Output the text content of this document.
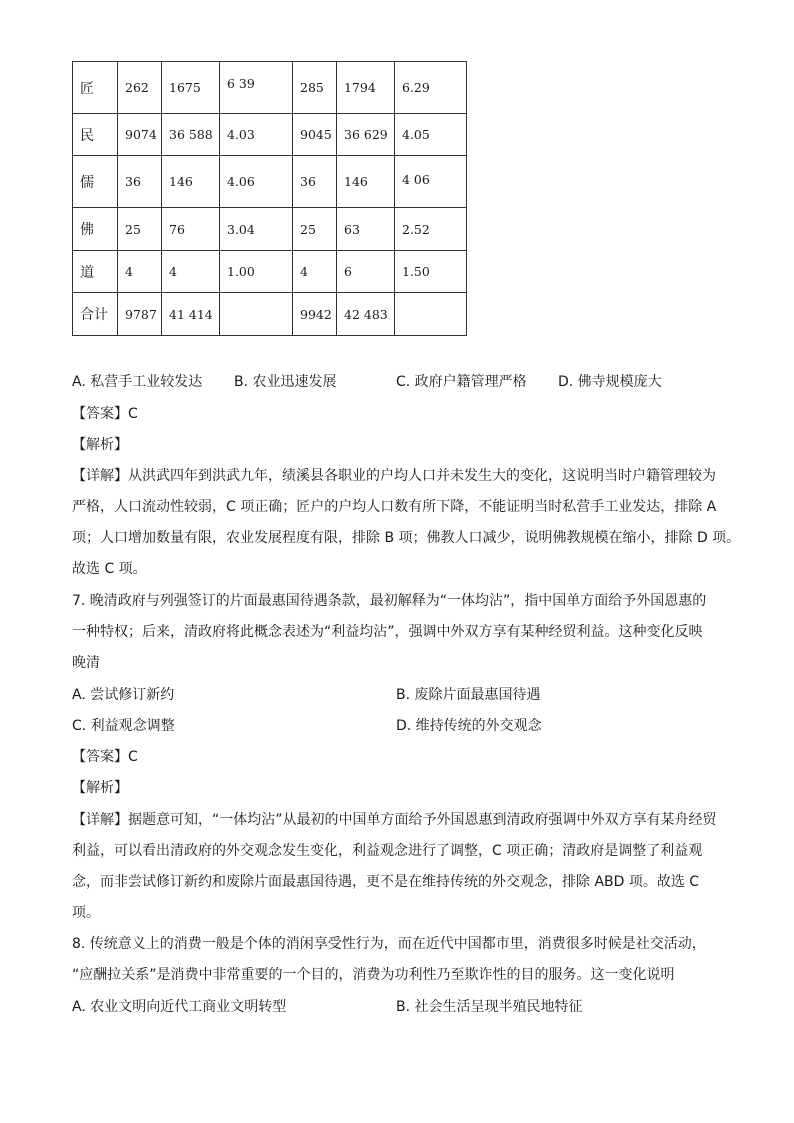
匠	262	1675	6 39	285	1794	6.29
民	9074	36 588	4.03	9045	36 629	4.05
儒	36	146	4.06	36	146	4 06
佛	25	76	3.04	25	63	2.52
道	4	4	1.00	4	6	1.50
合计	9787	41 414		9942	42 483	
A. 私营手工业较发达 B. 农业迅速发展	C. 政府户籍管理严格 D. 佛寺规模庞大
【答案】C
【解析】
【详解】从洪武四年到洪武九年，绩溪县各职业的户均人口并未发生大的变化，这说明当时户籍管理较为
严格，人口流动性较弱，C 项正确；匠户的户均人口数有所下降，不能证明当时私营手工业发达，排除 A
项；人口增加数量有限，农业发展程度有限，排除 B 项；佛教人口减少，说明佛教规模在缩小，排除 D 项。
故选 C 项。
7. 晚清政府与列强签订的片面最惠国待遇条款，最初解释为“一体均沾”，指中国单方面给予外国恩惠的
一种特权；后来，清政府将此概念表述为“利益均沾”，强调中外双方享有某种经贸利益。这种变化反映
晚清
A. 尝试修订新约	B. 废除片面最惠国待遇
C. 利益观念调整	D. 维持传统的外交观念
【答案】C
【解析】
【详解】据题意可知，“一体均沾”从最初的中国单方面给予外国恩惠到清政府强调中外双方享有某舟经贸
利益，可以看出清政府的外交观念发生变化，利益观念进行了调整，C 项正确；清政府是调整了利益观
念，而非尝试修订新约和废除片面最惠国待遇，更不是在维持传统的外交观念，排除 ABD 项。故选 C
项。
8. 传统意义上的消费一般是个体的消闲享受性行为，而在近代中国都市里，消费很多时候是社交活动，
“应酬拉关系”是消费中非常重要的一个目的，消费为功利性乃至欺诈性的目的服务。这一变化说明
A. 农业文明向近代工商业文明转型	B. 社会生活呈现半殖民地特征
